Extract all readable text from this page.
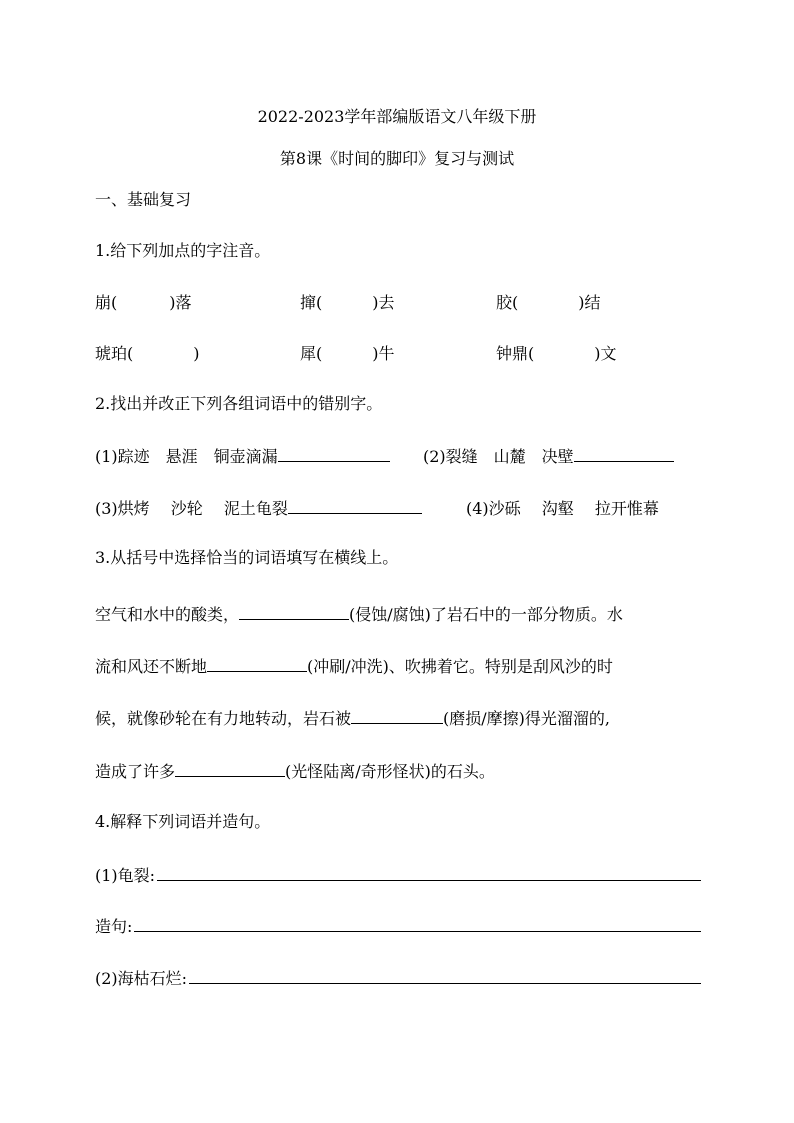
2022-2023学年部编版语文八年级下册
第8课《时间的脚印》复习与测试
一、基础复习
1.给下列加点的字注音。
崩(	)落	撺(	)去	胶(	)结
琥珀(	)	犀(	)牛	钟鼎(	)文
2.找出并改正下列各组词语中的错别字。
(1)踪迹　悬涯　铜壶滴漏	(2)裂缝　山麓　决壁
(3)烘烤　 沙轮　 泥土龟裂	(4)沙砾　 沟壑　 拉开惟幕
3.从括号中选择恰当的词语填写在横线上。
空气和水中的酸类，	(侵蚀/腐蚀)了岩石中的一部分物质。水
流和风还不断地	(冲刷/冲洗)、吹拂着它。特别是刮风沙的时
候，就像砂轮在有力地转动，岩石被	(磨损/摩擦)得光溜溜的,
造成了许多	(光怪陆离/奇形怪状)的石头。
4.解释下列词语并造句。
(1)龟裂:
造句:
(2)海枯石烂:
